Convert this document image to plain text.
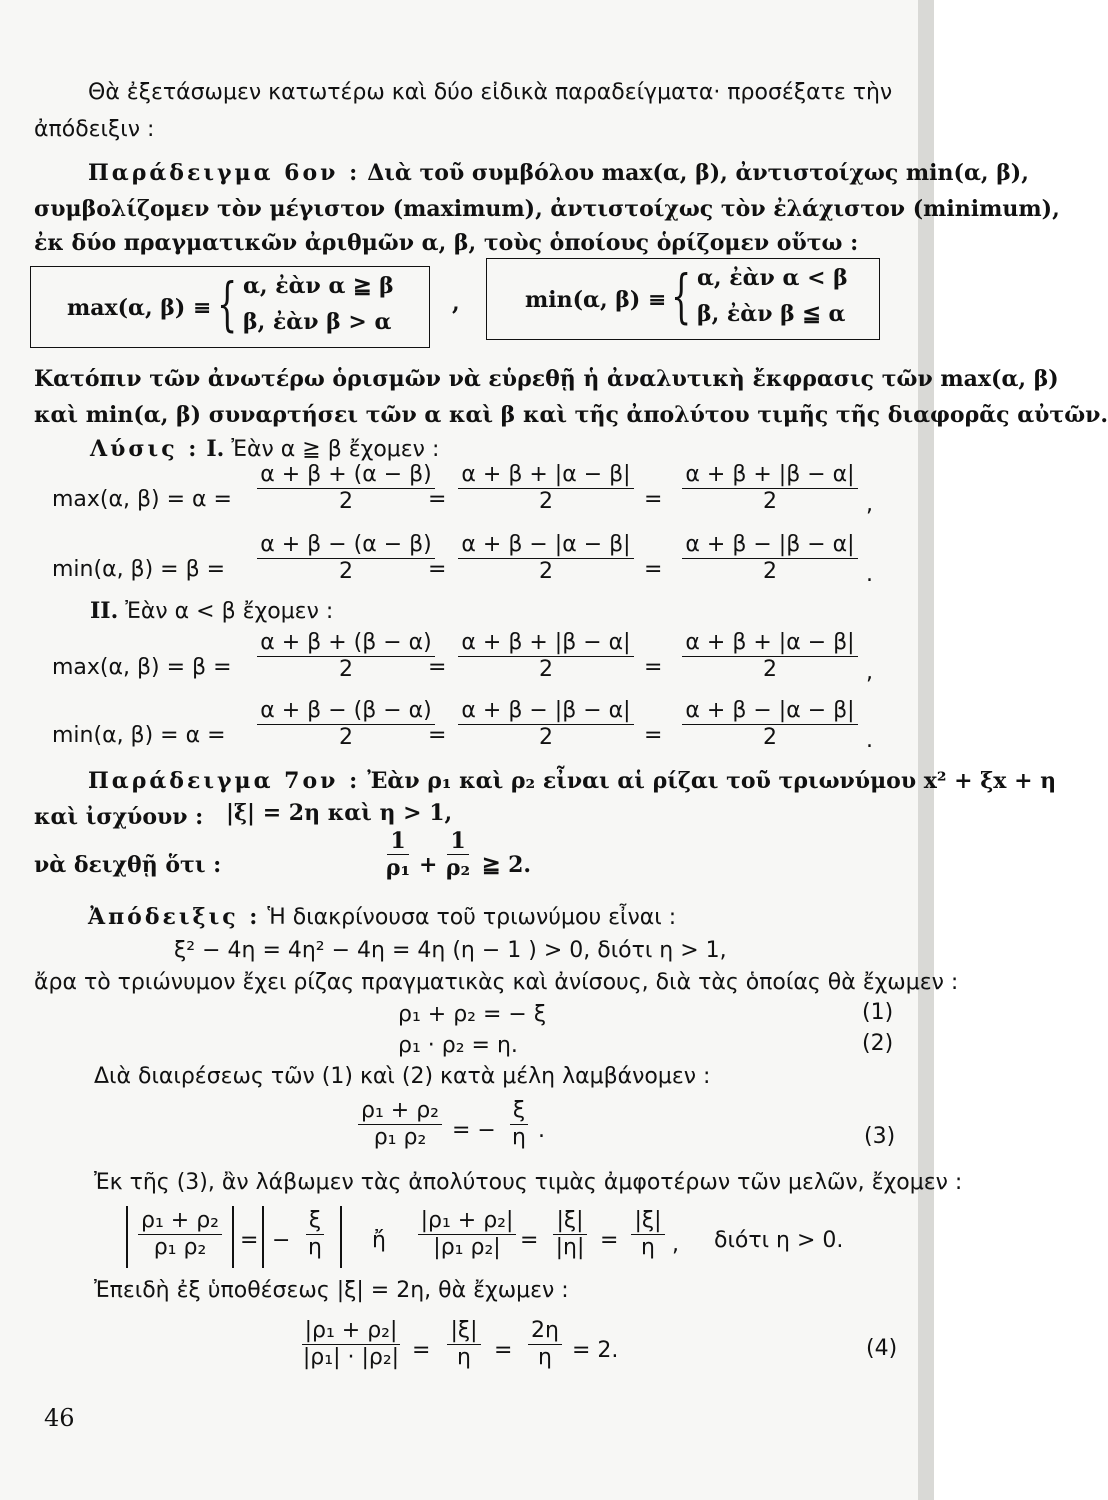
Θὰ ἐξετάσωμεν κατωτέρω καὶ δύο εἰδικὰ παραδείγματα· προσέξατε τὴν
ἀπόδειξιν :
Παράδειγμα 6ον : Διὰ τοῦ συμβόλου max(α, β), ἀντιστοίχως min(α, β),
συμβολίζομεν τὸν μέγιστον (maximum), ἀντιστοίχως τὸν ἐλάχιστον (minimum),
ἐκ δύο πραγματικῶν ἀριθμῶν α, β, τοὺς ὁποίους ὁρίζομεν οὕτω :
max(α, β) ≡ { α, ἐὰν α ≧ β
β, ἐὰν β > α
,	min(α, β) ≡ { α, ἐὰν α < β
β, ἐὰν β ≦ α
Κατόπιν τῶν ἀνωτέρω ὁρισμῶν νὰ εὑρεθῇ ἡ ἀναλυτικὴ ἔκφρασις τῶν max(α, β)
καὶ min(α, β) συναρτήσει τῶν α καὶ β καὶ τῆς ἀπολύτου τιμῆς τῆς διαφορᾶς αὐτῶν.
Λύσις : I. Ἐὰν α ≧ β ἔχομεν :
max(α, $\beta) = \alpha = \frac{\alpha + \beta + (\alpha - \beta)}{2}$
= $\frac{\alpha + \beta + |\alpha - \beta|}{2} = \frac{\alpha + \beta + |\beta - \alpha|}{2}$
,
min(α, $\beta) = \beta = \frac{\alpha + \beta - (\alpha - \beta)}{2}$
= $\frac{\alpha + \beta - |\alpha - \beta|}{2} = \frac{\alpha + \beta - |\beta - \alpha|}{2}$
.
II. Ἐὰν α < β ἔχομεν :
max(α, $\beta) = \beta = \frac{\alpha + \beta + (\beta - \alpha)}{2}$
= $\frac{\alpha + \beta + |\beta - \alpha|}{2} = \frac{\alpha + \beta + |\alpha - \beta|}{2}$
,
min(α, $\beta) = \alpha = \frac{\alpha + \beta - (\beta - \alpha)}{2}$
= $\frac{\alpha + \beta - |\beta - \alpha|}{2} = \frac{\alpha + \beta - |\alpha - \beta|}{2}$
.
Παράδειγμα 7ον : Ἐὰν ρ₁ καὶ ρ₂ εἶναι αἱ ρίζαι τοῦ τριωνύμου x² + ξx + η
καὶ ἰσχύουν : |ξ| = 2η καὶ η > 1,
νὰ δειχθῇ ὅτι :	$\frac{1}{\text{ρ₁}} + \frac{1}{\text{ρ₂}}$ ≧ 2.
Ἀπόδειξις : Ἡ διακρίνουσα τοῦ τριωνύμου εἶναι :
ξ² − 4η = 4η² − 4η = 4η (η − 1 ) > 0, διότι η > 1,
ἄρα τὸ τριώνυμον ἔχει ρίζας πραγματικὰς καὶ ἀνίσους, διὰ τὰς ὁποίας θὰ ἔχωμεν :
ρ₁ + ρ₂ = − ξ	(1)
ρ₁ · ρ₂ = η.	(2)
Διὰ διαιρέσεως τῶν (1) καὶ (2) κατὰ μέλη λαμβάνομεν :
$\frac{\text{ρ₁ + ρ₂}}{\text{ρ₁ ρ₂}}$ = − $\frac{\xi}{\eta}$ .	(3)
Ἐκ τῆς (3), ἂν λάβωμεν τὰς ἀπολύτους τιμὰς ἀμφοτέρων τῶν μελῶν, ἔχομεν :
$\frac{\text{ρ₁ + ρ₂}}{\text{ρ₁ ρ₂}}$ = − $\frac{\xi}{\eta}$ ἤ $\frac{\text{|ρ₁ + ρ₂|}}{\text{|ρ₁ ρ₂|}} = \frac{|\xi|}{|\eta|} = \frac{|\xi|}{\eta}$ , διότι η > 0.
Ἐπειδὴ ἐξ ὑποθέσεως |ξ| = 2η, θὰ ἔχωμεν :
$\frac{\text{|ρ₁ + ρ₂|}}{\text{|ρ₁| · |ρ₂|}} = \frac{|\xi|}{\eta} = \frac{2\eta}{\eta} = 2$.	(4)
46
